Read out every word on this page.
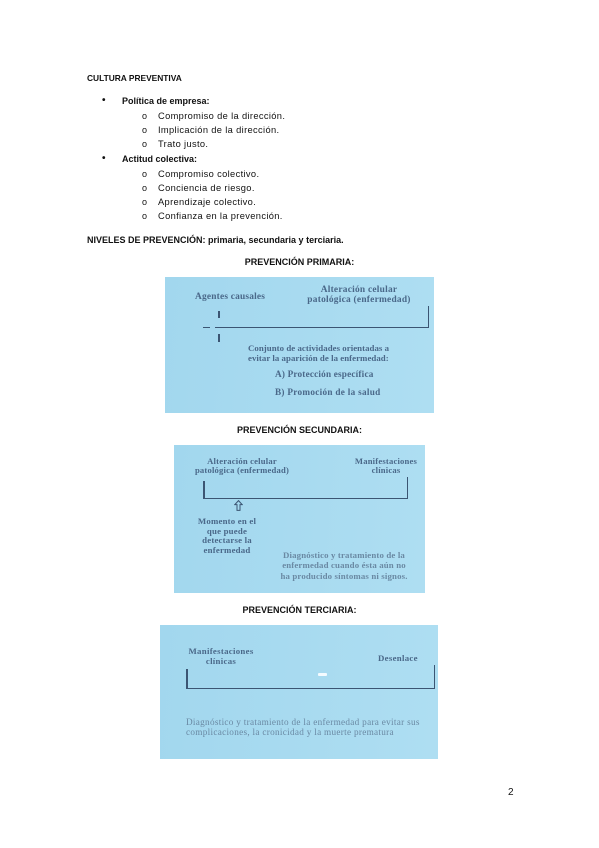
CULTURA PREVENTIVA
• Política de empresa:
o Compromiso de la dirección.
o Implicación de la dirección.
o Trato justo.
• Actitud colectiva:
o Compromiso colectivo.
o Conciencia de riesgo.
o Aprendizaje colectivo.
o Confianza en la prevención.
NIVELES DE PREVENCIÓN: primaria, secundaria y terciaria.
PREVENCIÓN PRIMARIA:
Agentes causales
Alteración celular
patológica (enfermedad)
Conjunto de actividades orientadas a
evitar la aparición de la enfermedad:
A) Protección específica
B) Promoción de la salud
PREVENCIÓN SECUNDARIA:
Alteración celular
patológica (enfermedad)
Manifestaciones
clínicas
Momento en el
que puede
detectarse la
enfermedad
Diagnóstico y tratamiento de la
enfermedad cuando ésta aún no
ha producido síntomas ni signos.
PREVENCIÓN TERCIARIA:
Manifestaciones
clínicas	Desenlace
Diagnóstico y tratamiento de la enfermedad para evitar sus
complicaciones, la cronicidad y la muerte prematura
2
